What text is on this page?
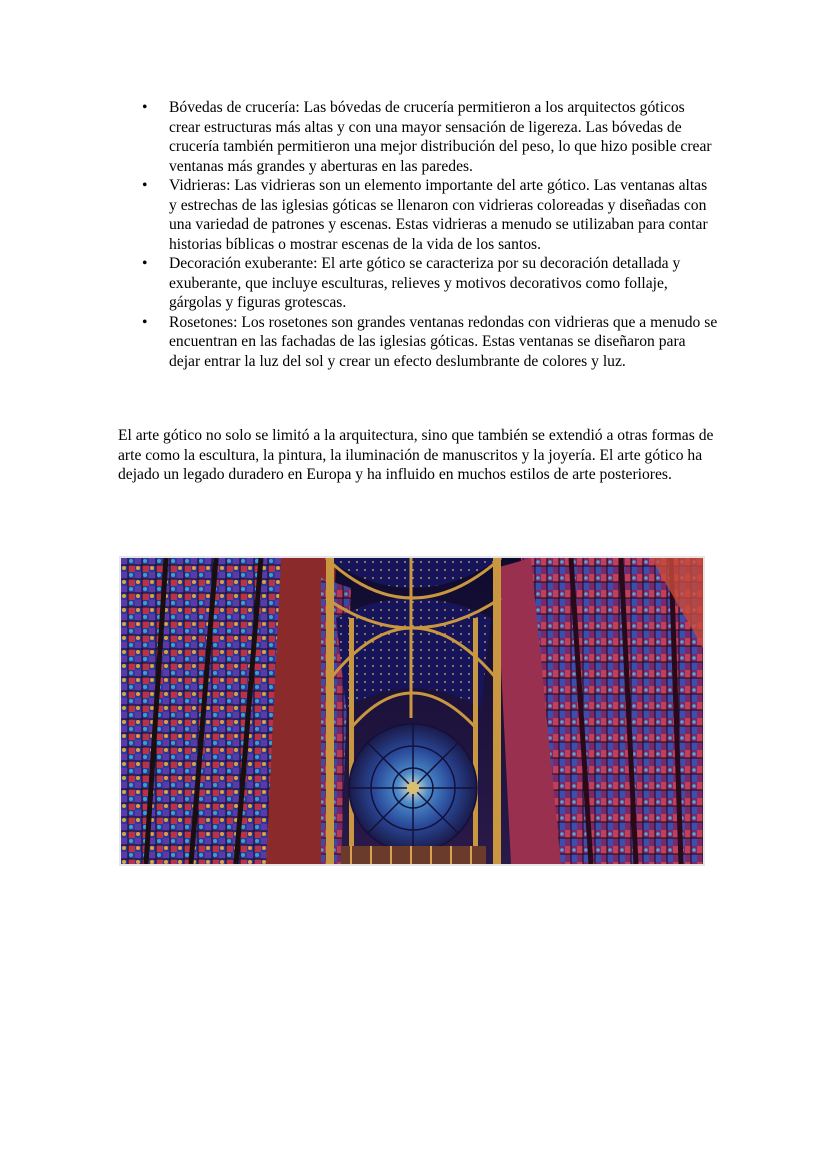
• Bóvedas de crucería: Las bóvedas de crucería permitieron a los arquitectos góticos crear estructuras más altas y con una mayor sensación de ligereza. Las bóvedas de crucería también permitieron una mejor distribución del peso, lo que hizo posible crear ventanas más grandes y aberturas en las paredes.
• Vidrieras: Las vidrieras son un elemento importante del arte gótico. Las ventanas altas y estrechas de las iglesias góticas se llenaron con vidrieras coloreadas y diseñadas con una variedad de patrones y escenas. Estas vidrieras a menudo se utilizaban para contar historias bíblicas o mostrar escenas de la vida de los santos.
• Decoración exuberante: El arte gótico se caracteriza por su decoración detallada y exuberante, que incluye esculturas, relieves y motivos decorativos como follaje, gárgolas y figuras grotescas.
• Rosetones: Los rosetones son grandes ventanas redondas con vidrieras que a menudo se encuentran en las fachadas de las iglesias góticas. Estas ventanas se diseñaron para dejar entrar la luz del sol y crear un efecto deslumbrante de colores y luz.

El arte gótico no solo se limitó a la arquitectura, sino que también se extendió a otras formas de arte como la escultura, la pintura, la iluminación de manuscritos y la joyería. El arte gótico ha dejado un legado duradero en Europa y ha influido en muchos estilos de arte posteriores.
